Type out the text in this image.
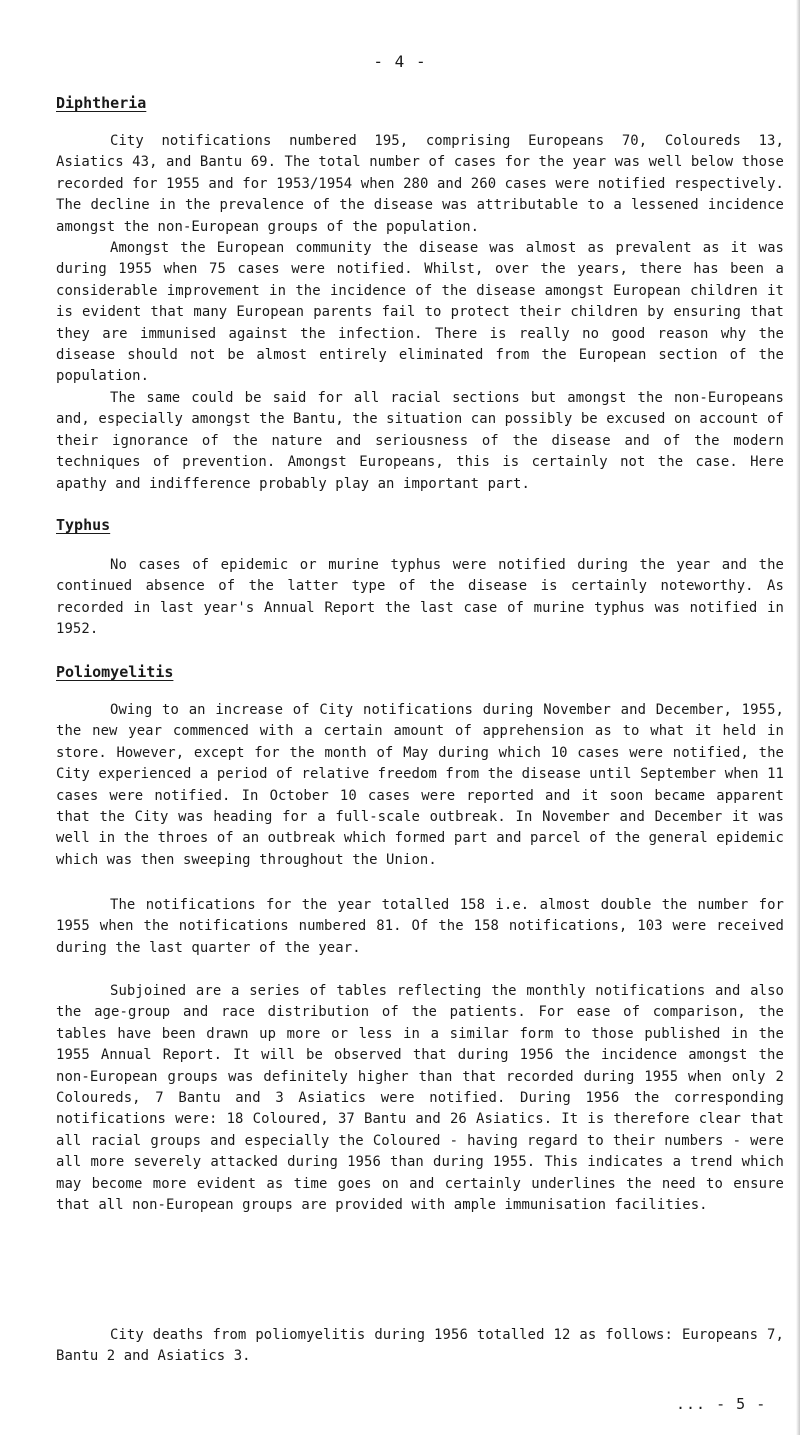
- 4 -
Diphtheria

City notifications numbered 195, comprising Europeans 70, Coloureds 13, Asiatics 43, and Bantu 69. The total number of cases for the year was well below those recorded for 1955 and for 1953/1954 when 280 and 260 cases were notified respectively. The decline in the prevalence of the disease was attributable to a lessened incidence amongst the non-European groups of the population.

Amongst the European community the disease was almost as prevalent as it was during 1955 when 75 cases were notified. Whilst, over the years, there has been a considerable improvement in the incidence of the disease amongst European children it is evident that many European parents fail to protect their children by ensuring that they are immunised against the infection. There is really no good reason why the disease should not be almost entirely eliminated from the European section of the population.

The same could be said for all racial sections but amongst the non-Europeans and, especially amongst the Bantu, the situation can possibly be excused on account of their ignorance of the nature and seriousness of the disease and of the modern techniques of prevention. Amongst Europeans, this is certainly not the case. Here apathy and indifference probably play an important part.

Typhus

No cases of epidemic or murine typhus were notified during the year and the continued absence of the latter type of the disease is certainly noteworthy. As recorded in last year's Annual Report the last case of murine typhus was notified in 1952.

Poliomyelitis

Owing to an increase of City notifications during November and December, 1955, the new year commenced with a certain amount of apprehension as to what it held in store. However, except for the month of May during which 10 cases were notified, the City experienced a period of relative freedom from the disease until September when 11 cases were notified. In October 10 cases were reported and it soon became apparent that the City was heading for a full-scale outbreak. In November and December it was well in the throes of an outbreak which formed part and parcel of the general epidemic which was then sweeping throughout the Union.

The notifications for the year totalled 158 i.e. almost double the number for 1955 when the notifications numbered 81. Of the 158 notifications, 103 were received during the last quarter of the year.

Subjoined are a series of tables reflecting the monthly notifications and also the age-group and race distribution of the patients. For ease of comparison, the tables have been drawn up more or less in a similar form to those published in the 1955 Annual Report. It will be observed that during 1956 the incidence amongst the non-European groups was definitely higher than that recorded during 1955 when only 2 Coloureds, 7 Bantu and 3 Asiatics were notified. During 1956 the corresponding notifications were: 18 Coloured, 37 Bantu and 26 Asiatics. It is therefore clear that all racial groups and especially the Coloured - having regard to their numbers - were all more severely attacked during 1956 than during 1955. This indicates a trend which may become more evident as time goes on and certainly underlines the need to ensure that all non-European groups are provided with ample immunisation facilities.

City deaths from poliomyelitis during 1956 totalled 12 as follows: Europeans 7, Bantu 2 and Asiatics 3.

... - 5 -
